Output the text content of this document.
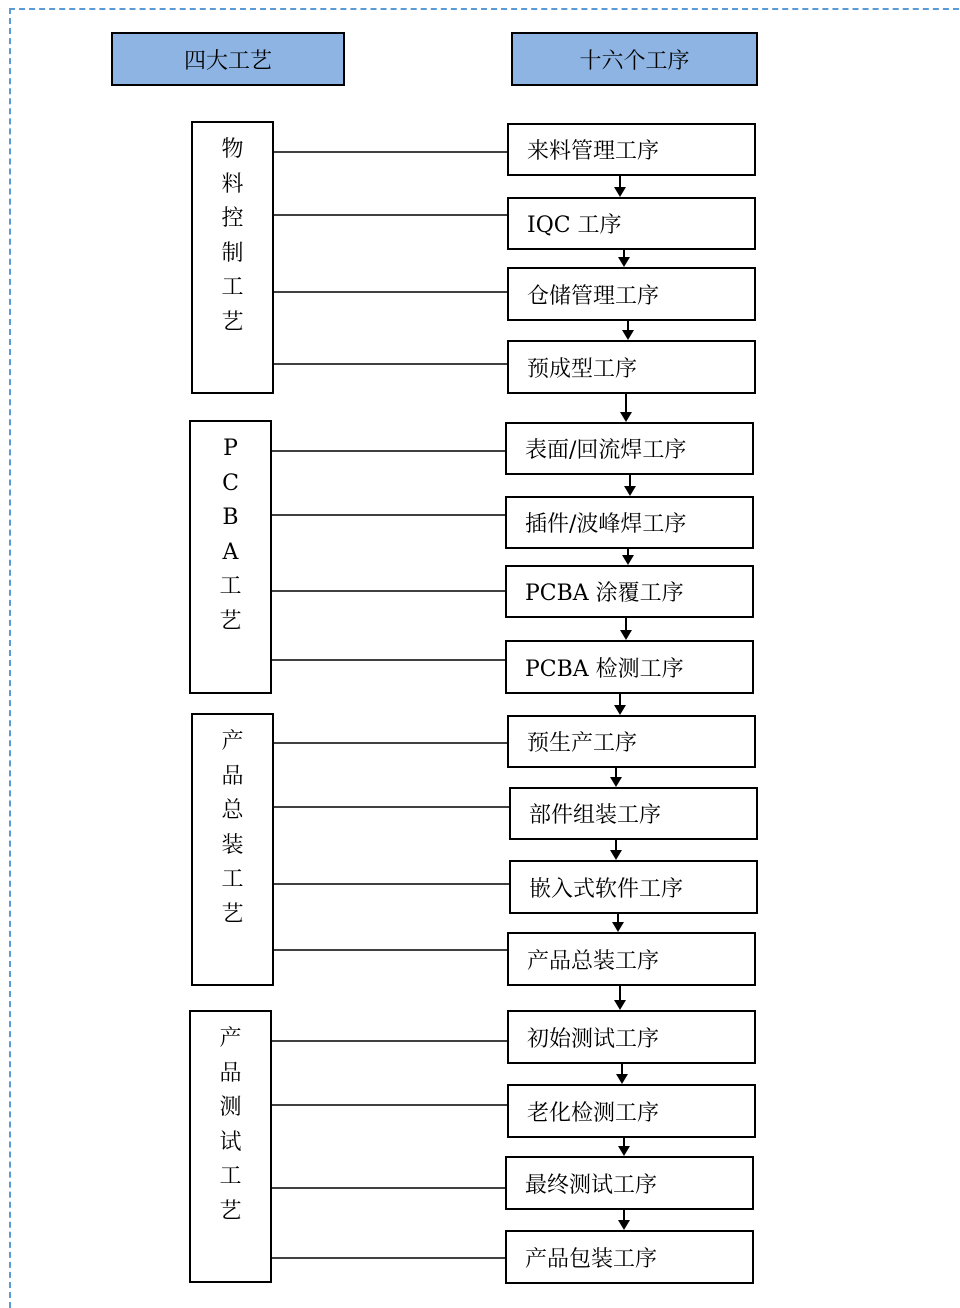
四大工艺	十六个工序
物
料
控
制
工
艺
P
C
B
A
工
艺
产
品
总
装
工
艺
产
品
测
试
工
艺
来料管理工序
IQC 工序
仓储管理工序
预成型工序
表面/回流焊工序
插件/波峰焊工序
PCBA 涂覆工序
PCBA 检测工序
预生产工序
部件组装工序
嵌入式软件工序
产品总装工序
初始测试工序
老化检测工序
最终测试工序
产品包装工序
